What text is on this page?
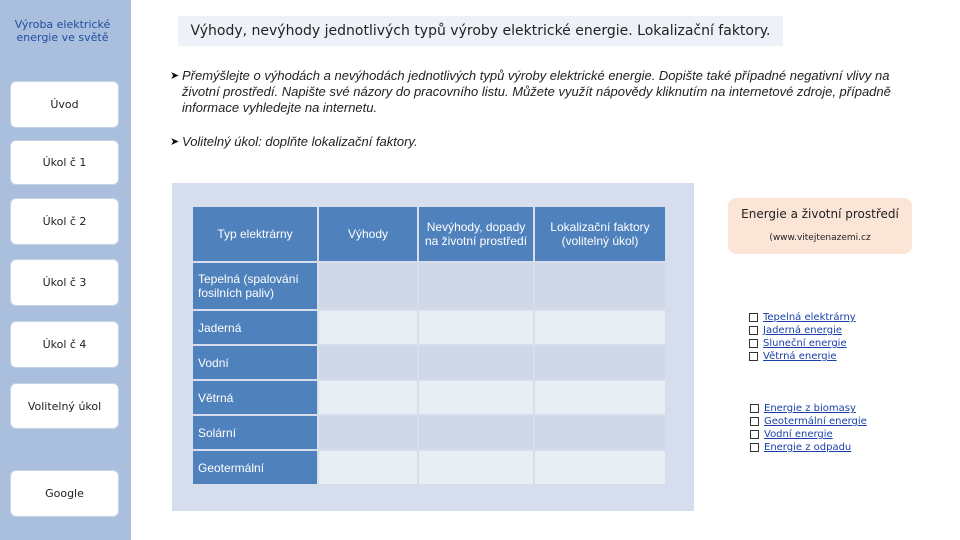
Výroba elektrické energie ve světě
Úvod
Úkol č 1
Úkol č 2
Úkol č 3
Úkol č 4
Volitelný úkol
Google
Výhody, nevýhody jednotlivých typů výroby elektrické energie. Lokalizační faktory.
➤ Přemýšlejte o výhodách a nevýhodách jednotlivých typů výroby elektrické energie. Dopište také případné negativní vlivy na životní prostředí. Napište své názory do pracovního listu. Můžete využít nápovědy kliknutím na internetové zdroje, případně informace vyhledejte na internetu.
➤ Volitelný úkol: doplňte lokalizační faktory.
Typ elektrárny	Výhody	Nevýhody, dopady na životní prostředí	Lokalizační faktory (volitelný úkol)
Tepelná (spalování fosilních paliv)			
Jaderná			
Vodní			
Větrná			
Solární			
Geotermální			
Energie a životní prostředí
(www.vitejtenazemi.cz
Tepelná elektrárny
Jaderná energie
Sluneční energie
Větrná energie
Energie z biomasy
Geotermální energie
Vodní energie
Energie z odpadu
